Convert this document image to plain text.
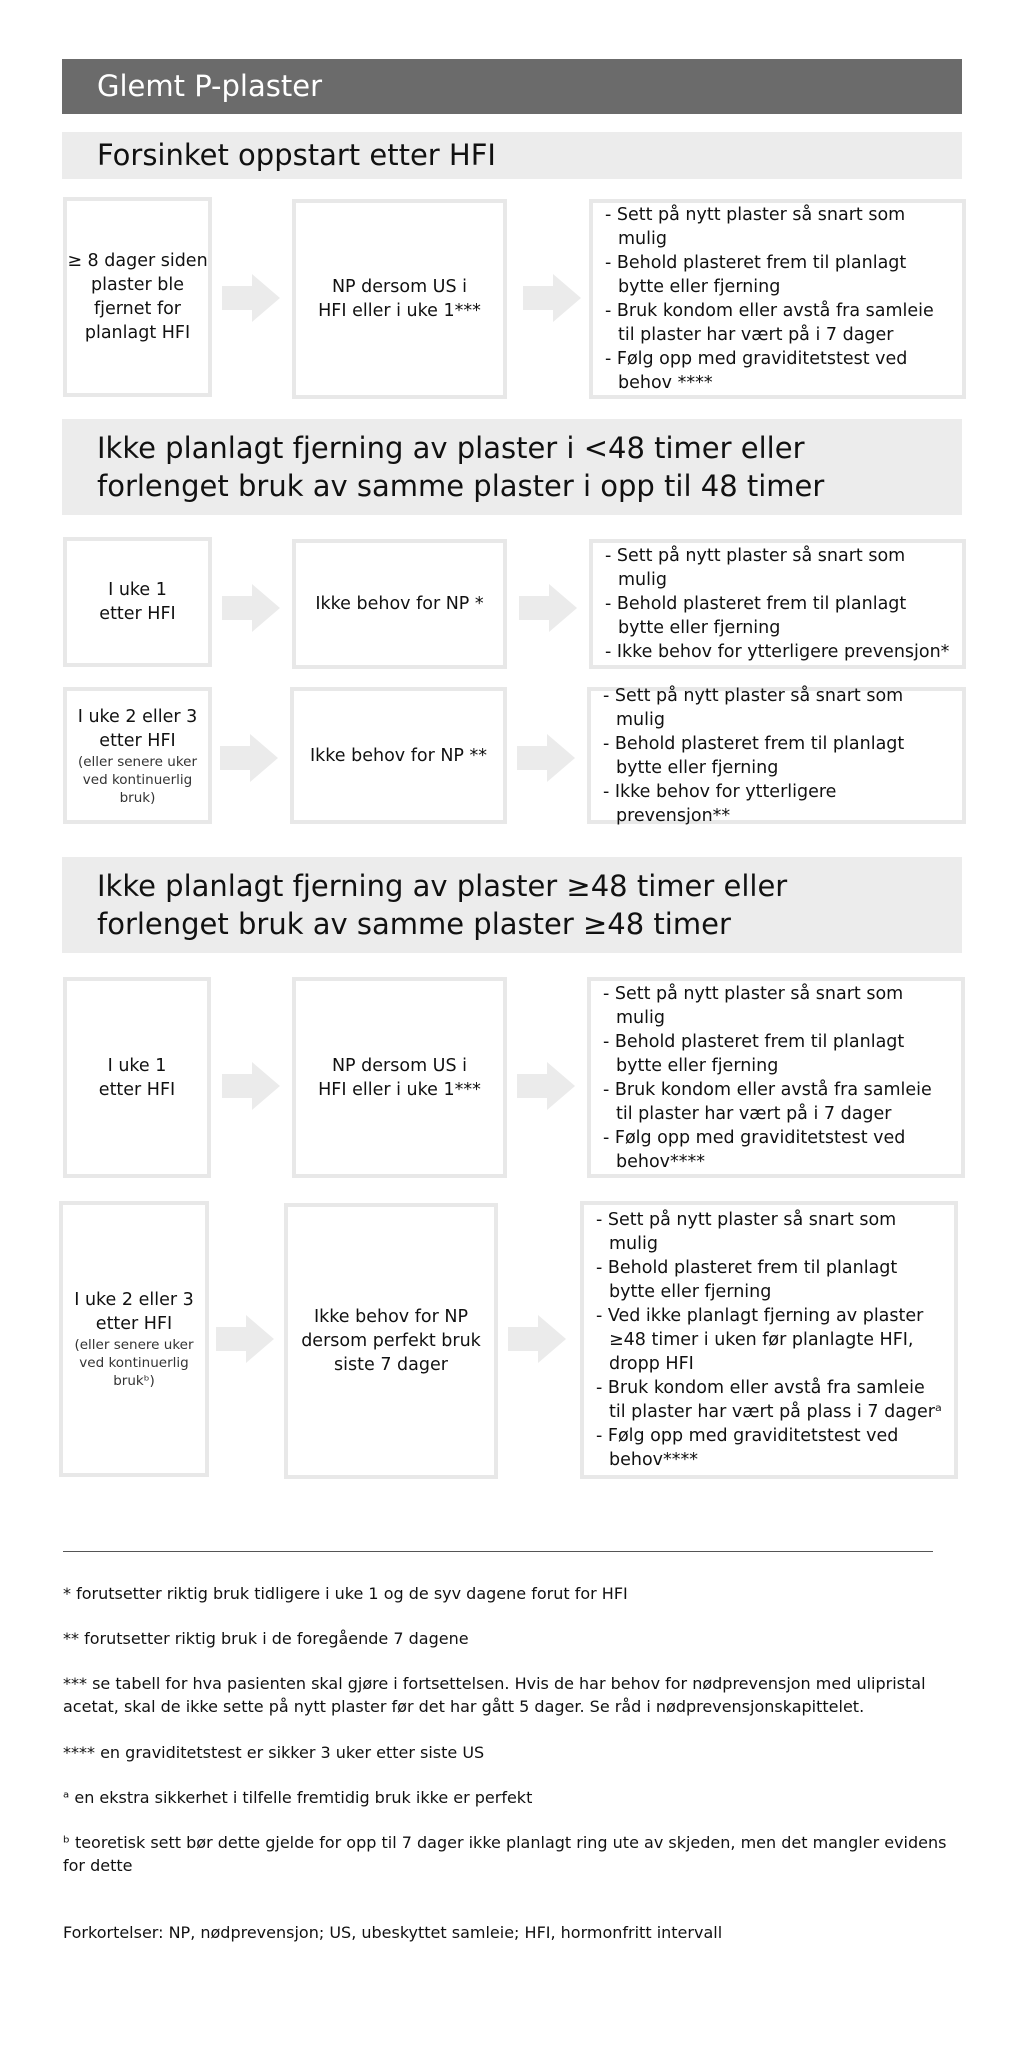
Glemt P-plaster
Forsinket oppstart etter HFI
≥ 8 dager siden
plaster ble
fjernet for
planlagt HFI
NP dersom US i
HFI eller i uke 1***
- Sett på nytt plaster så snart som mulig
- Behold plasteret frem til planlagt bytte eller fjerning
- Bruk kondom eller avstå fra samleie til plaster har vært på i 7 dager
- Følg opp med graviditetstest ved behov ****
Ikke planlagt fjerning av plaster i <48 timer eller
forlenget bruk av samme plaster i opp til 48 timer
I uke 1
etter HFI	Ikke behov for NP *
- Sett på nytt plaster så snart som mulig
- Behold plasteret frem til planlagt bytte eller fjerning
- Ikke behov for ytterligere prevensjon*
I uke 2 eller 3
etter HFI
(eller senere uker ved kontinuerlig bruk)
Ikke behov for NP **
- Sett på nytt plaster så snart som mulig
- Behold plasteret frem til planlagt bytte eller fjerning
- Ikke behov for ytterligere prevensjon**
Ikke planlagt fjerning av plaster ≥48 timer eller
forlenget bruk av samme plaster ≥48 timer
I uke 1
etter HFI
NP dersom US i
HFI eller i uke 1***
- Sett på nytt plaster så snart som mulig
- Behold plasteret frem til planlagt bytte eller fjerning
- Bruk kondom eller avstå fra samleie til plaster har vært på i 7 dager
- Følg opp med graviditetstest ved behov****
I uke 2 eller 3
etter HFI
(eller senere uker ved kontinuerlig brukᵇ)
Ikke behov for NP
dersom perfekt bruk
siste 7 dager
- Sett på nytt plaster så snart som mulig
- Behold plasteret frem til planlagt bytte eller fjerning
- Ved ikke planlagt fjerning av plaster ≥48 timer i uken før planlagte HFI, dropp HFI
- Bruk kondom eller avstå fra samleie til plaster har vært på plass i 7 dagerᵃ
- Følg opp med graviditetstest ved behov****
* forutsetter riktig bruk tidligere i uke 1 og de syv dagene forut for HFI
** forutsetter riktig bruk i de foregående 7 dagene
*** se tabell for hva pasienten skal gjøre i fortsettelsen. Hvis de har behov for nødprevensjon med ulipristal acetat, skal de ikke sette på nytt plaster før det har gått 5 dager. Se råd i nødprevensjonskapittelet.
**** en graviditetstest er sikker 3 uker etter siste US
ᵃ en ekstra sikkerhet i tilfelle fremtidig bruk ikke er perfekt
ᵇ teoretisk sett bør dette gjelde for opp til 7 dager ikke planlagt ring ute av skjeden, men det mangler evidens for dette
Forkortelser: NP, nødprevensjon; US, ubeskyttet samleie; HFI, hormonfritt intervall
